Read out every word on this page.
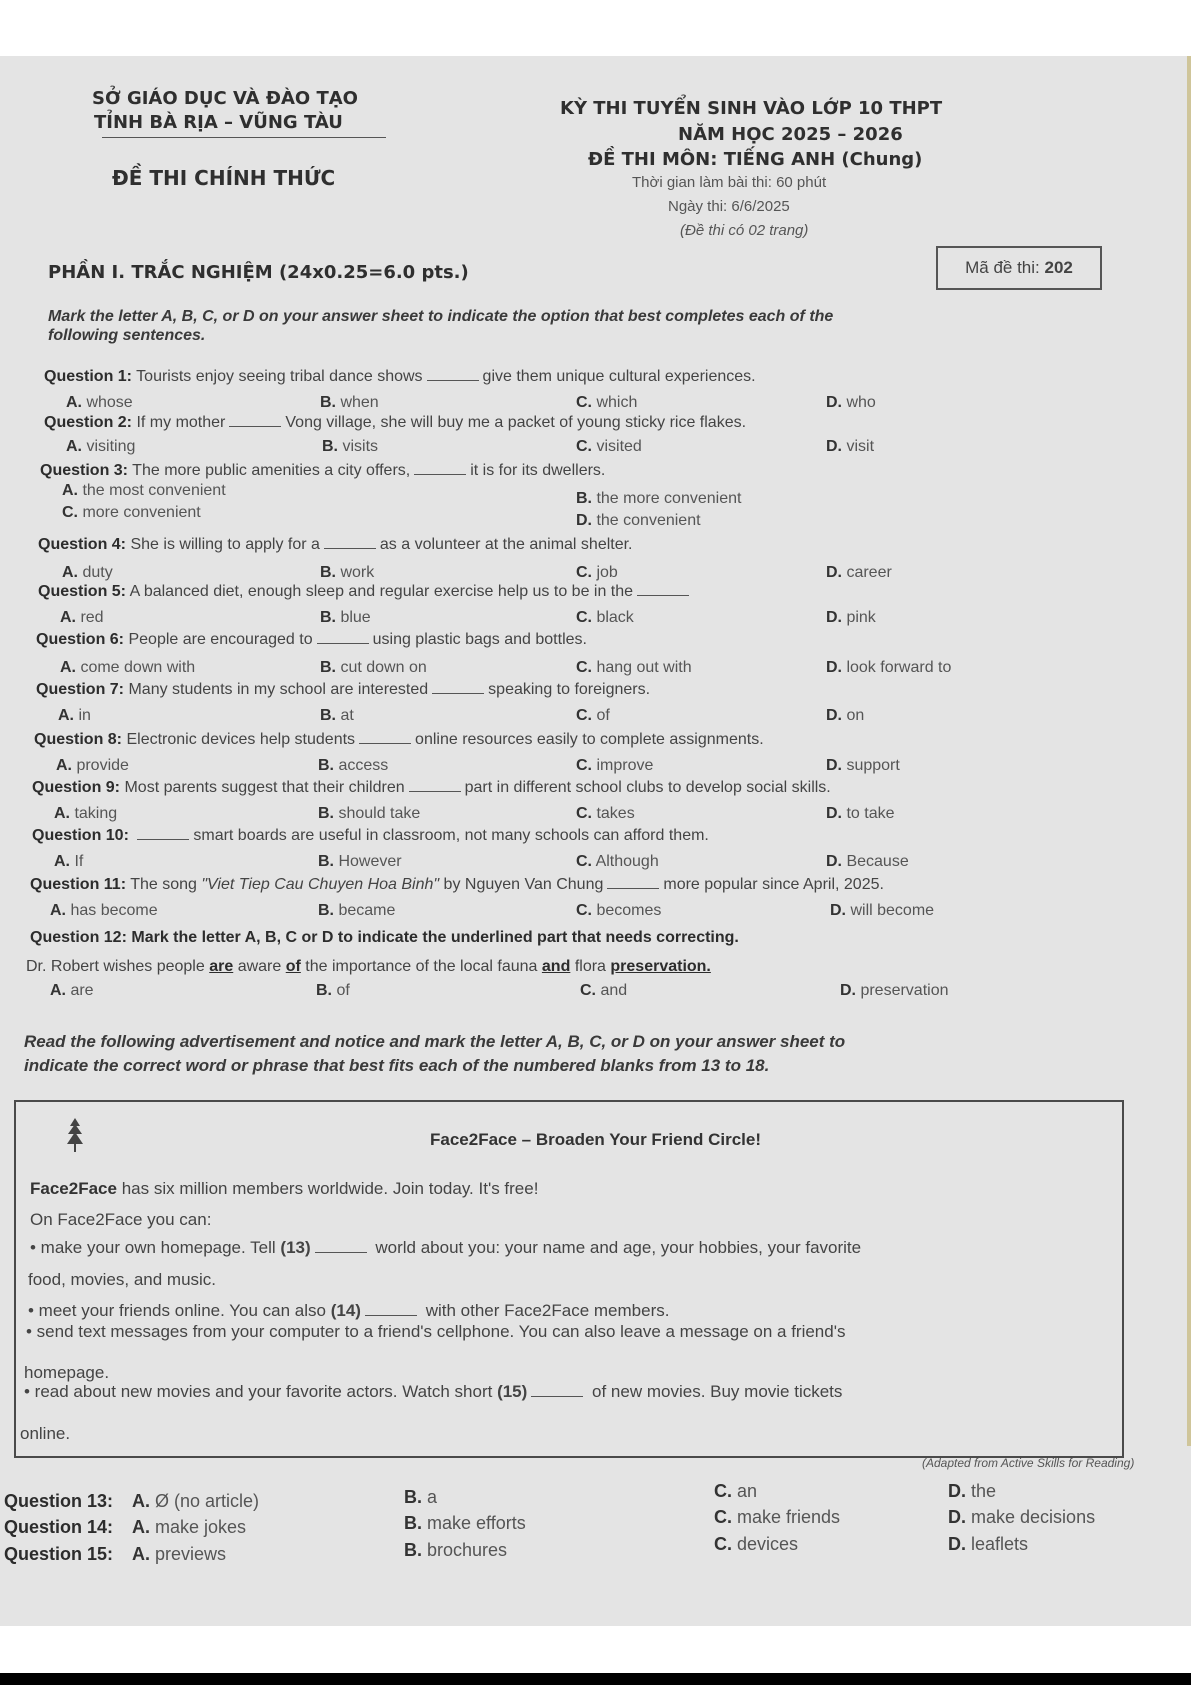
SỞ GIÁO DỤC VÀ ĐÀO TẠO
TỈNH BÀ RỊA – VŨNG TÀU
ĐỀ THI CHÍNH THỨC
KỲ THI TUYỂN SINH VÀO LỚP 10 THPT
NĂM HỌC 2025 – 2026
ĐỀ THI MÔN: TIẾNG ANH (Chung)
Thời gian làm bài thi: 60 phút
Ngày thi: 6/6/2025
(Đề thi có 02 trang)
Mã đề thi: 202
PHẦN I. TRẮC NGHIỆM (24x0.25=6.0 pts.)
Mark the letter A, B, C, or D on your answer sheet to indicate the option that best completes each of the
following sentences.
Question 1: Tourists enjoy seeing tribal dance shows	give them unique cultural experiences.
A. whose	B. when	C. which	D. who
Question 2: If my mother	Vong village, she will buy me a packet of young sticky rice flakes.
A. visiting	B. visits	C. visited	D. visit
Question 3: The more public amenities a city offers,	it is for its dwellers.
A. the most convenient	B. the more convenient
C. more convenient	D. the convenient
Question 4: She is willing to apply for a	as a volunteer at the animal shelter.
A. duty	B. work	C. job	D. career
Question 5: A balanced diet, enough sleep and regular exercise help us to be in the
A. red	B. blue	C. black	D. pink
Question 6: People are encouraged to	using plastic bags and bottles.
A. come down with	B. cut down on	C. hang out with	D. look forward to
Question 7: Many students in my school are interested	speaking to foreigners.
A. in	B. at	C. of	D. on
Question 8: Electronic devices help students	online resources easily to complete assignments.
A. provide	B. access	C. improve	D. support
Question 9: Most parents suggest that their children	part in different school clubs to develop social skills.
A. taking	B. should take	C. takes	D. to take
Question 10:	smart boards are useful in classroom, not many schools can afford them.
A. If	B. However	C. Although	D. Because
Question 11: The song "Viet Tiep Cau Chuyen Hoa Binh" by Nguyen Van Chung	more popular since April, 2025.
A. has become	B. became	C. becomes	D. will become
Question 12: Mark the letter A, B, C or D to indicate the underlined part that needs correcting.
Dr. Robert wishes people are aware of the importance of the local fauna and flora preservation.
A. are	B. of	C. and	D. preservation
Read the following advertisement and notice and mark the letter A, B, C, or D on your answer sheet to
indicate the correct word or phrase that best fits each of the numbered blanks from 13 to 18.
Face2Face – Broaden Your Friend Circle!
Face2Face has six million members worldwide. Join today. It's free!
On Face2Face you can:
• make your own homepage. Tell (13)	world about you: your name and age, your hobbies, your favorite
food, movies, and music.
• meet your friends online. You can also (14)	with other Face2Face members.
• send text messages from your computer to a friend's cellphone. You can also leave a message on a friend's
homepage.
• read about new movies and your favorite actors. Watch short (15)	of new movies. Buy movie tickets
online.
(Adapted from Active Skills for Reading)
Question 13: A. Ø (no article)	B. a	C. an	D. the
Question 14: A. make jokes	B. make efforts	C. make friends	D. make decisions
Question 15: A. previews	B. brochures	C. devices	D. leaflets
